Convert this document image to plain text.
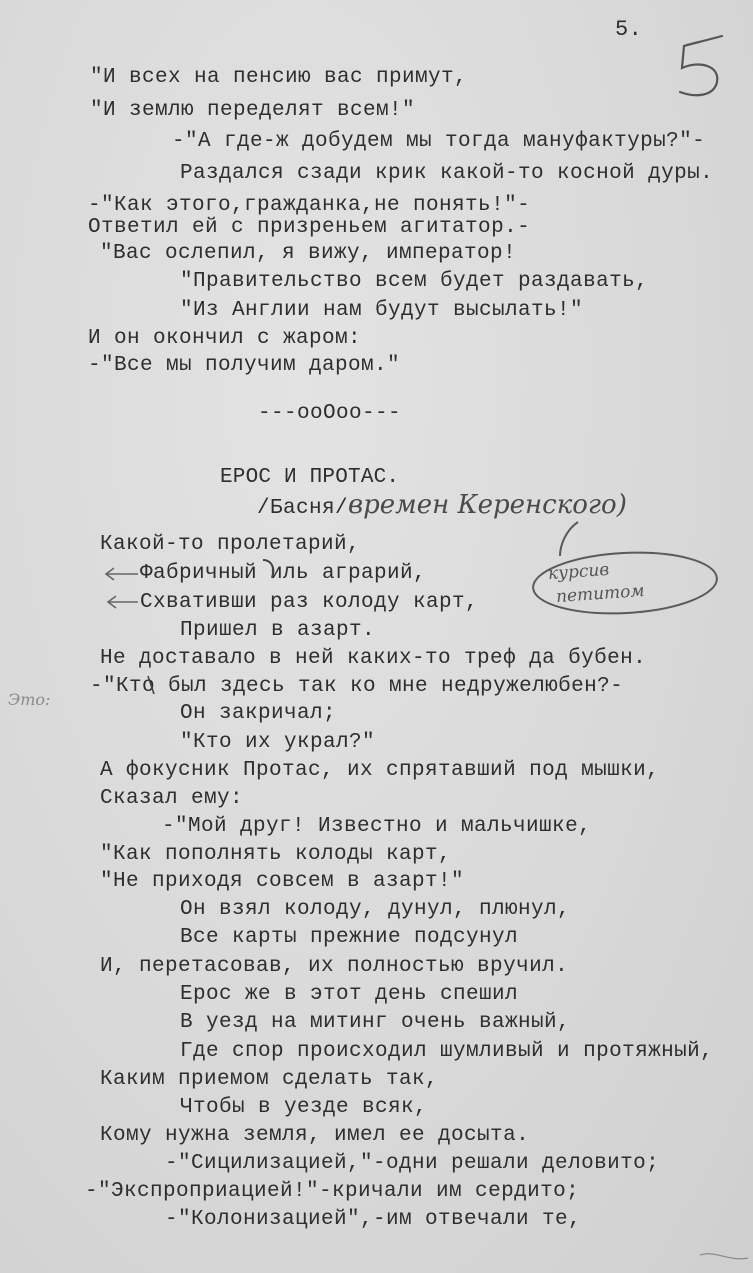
5.
"И всех на пенсию вас примут,
"И землю переделят всем!"
-"А где-ж добудем мы тогда мануфактуры?"-
Раздался сзади крик какой-то косной дуры.
-"Как этого,гражданка,не понять!"-
Ответил ей с призреньем агитатор.-
"Вас ослепил, я вижу, император!
"Правительство всем будет раздавать,
"Из Англии нам будут высылать!"
И он окончил с жаром:
-"Все мы получим даром."
---ooOoo---
ЕРОС И ПРОТАС.
/Басня/ времен Керенского)
Какой-то пролетарий,
Фабричный иль аграрий,
Схвативши раз колоду карт,
Пришел в азарт.
Не доставало в ней каких-то треф да бубен.
-"Кто был здесь так ко мне недружелюбен?-
Он закричал;
"Кто их украл?"
А фокусник Протас, их спрятавший под мышки,
Сказал ему:
-"Мой друг! Известно и мальчишке,
"Как пополнять колоды карт,
"Не приходя совсем в азарт!"
Он взял колоду, дунул, плюнул,
Все карты прежние подсунул
И, перетасовав, их полностью вручил.
Ерос же в этот день спешил
В уезд на митинг очень важный,
Где спор происходил шумливый и протяжный,
Каким приемом сделать так,
Чтобы в уезде всяк,
Кому нужна земля, имел ее досыта.
-"Сицилизацией,"-одни решали деловито;
-"Экспроприацией!"-кричали им сердито;
-"Колонизацией",-им отвечали те,
курсив
петитом
Это:
